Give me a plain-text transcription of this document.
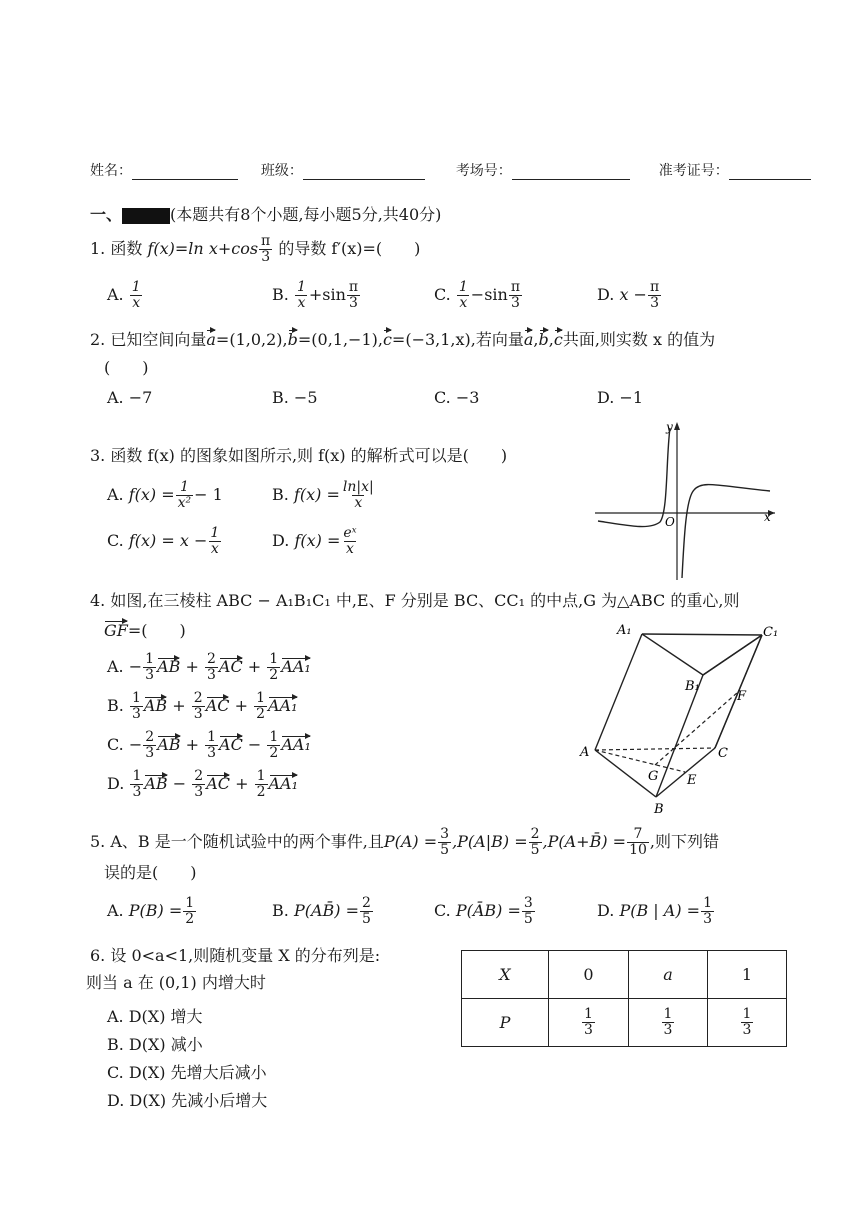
姓名：	班级：	考场号：	准考证号：
一、	(本题共有8个小题,每小题5分,共40分)
1. 函数 f(x)=ln $x+\cos \frac{\pi}{3}$ 的导数 f′(x)=(　　)
A. $\frac{1}{x}$	B. $\frac{1}{x} +\sin \frac{\pi}{3}$	C. $\frac{1}{x} -\sin \frac{\pi}{3}$	D. $x - \frac{\pi}{3}$
2. 已知空间向量a=(1,0,2),b=(0,1,−1),c=(−3,1,x),若向量a,b,c共面,则实数 x 的值为
(　　)
A. −7	B. −5	C. −3	D. −1
3. 函数 f(x) 的图象如图所示,则 f(x) 的解析式可以是(　　)
A. $f(x) = \frac{1}{\text{x²}} - 1$	B. $f(x) = \frac{\ln|x|}{x}$
C. $f(x) = x - \frac{1}{x}$	D. $f(x) = \frac{\text{eˣ}}{x}$
x
y
O
4. 如图,在三棱柱 ABC − A₁B₁C₁ 中,E、F 分别是 BC、CC₁ 的中点,G 为△ABC 的重心,则
GF=(　　)
A. − $\frac{1}{3}$ AB + $\frac{2}{3}$ AC + $\frac{1}{2} AA_1$
B. $\frac{1}{3}$ AB + $\frac{2}{3}$ AC + $\frac{1}{2} AA_1$
C. − $\frac{2}{3}$ AB + $\frac{1}{3}$ AC − $\frac{1}{2} AA_1$
D. $\frac{1}{3}$ AB − $\frac{2}{3}$ AC + $\frac{1}{2} AA_1$
A₁	C₁
B₁
F
A	C
G E
B
5. A、B 是一个随机试验中的两个事件,且$P(A) = \frac{3}{5} ,P(A|B) = \frac{2}{5}$ ,P(A+B̄) = $\frac{7}{10}$ ,则下列错
误的是(　　)
A. $P(B) = \frac{1}{2}$	B. P(AB̄) = $\frac{2}{5}$	C. P(ĀB) = $\frac{3}{5}$	D. P(B | $A) = \frac{1}{3}$
6. 设 0<a<1,则随机变量 X 的分布列是:
则当 a 在 (0,1) 内增大时
A. D(X) 增大
B. D(X) 减小
C. D(X) 先增大后减小
D. D(X) 先减小后增大
X	0	a	1
P	$\frac{1}{3}$	$\frac{1}{3}$	$\frac{1}{3}$
